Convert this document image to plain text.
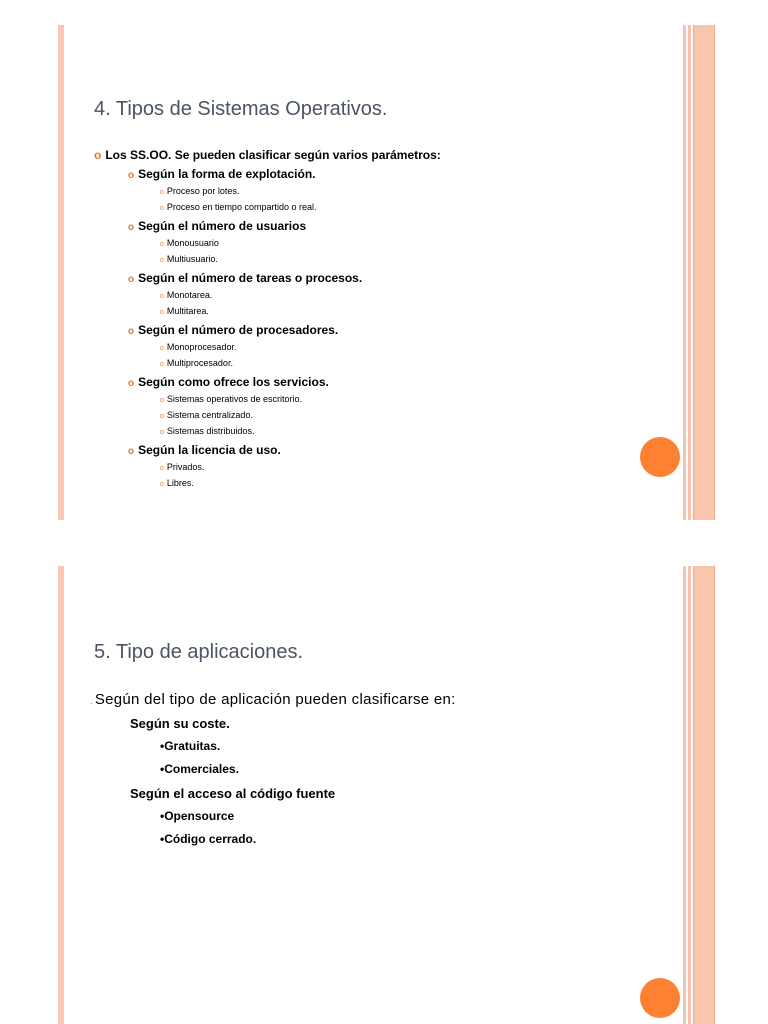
4. Tipos de Sistemas Operativos.
o Los SS.OO. Se pueden clasificar según varios parámetros:
o Según la forma de explotación.
o Proceso por lotes.
o Proceso en tiempo compartido o real.
o Según el número de usuarios
o Monousuario
o Multiusuario.
o Según el número de tareas o procesos.
o Monotarea.
o Multitarea.
o Según el número de procesadores.
o Monoprocesador.
o Multiprocesador.
o Según como ofrece los servicios.
o Sistemas operativos de escritorio.
o Sistema centralizado.
o Sistemas distribuidos.
o Según la licencia de uso.
o Privados.
o Libres.
5. Tipo de aplicaciones.
. Según del tipo de aplicación pueden clasificarse en:
Según su coste.
•Gratuitas.
•Comerciales.
Según el acceso al código fuente
•Opensource
•Código cerrado.
